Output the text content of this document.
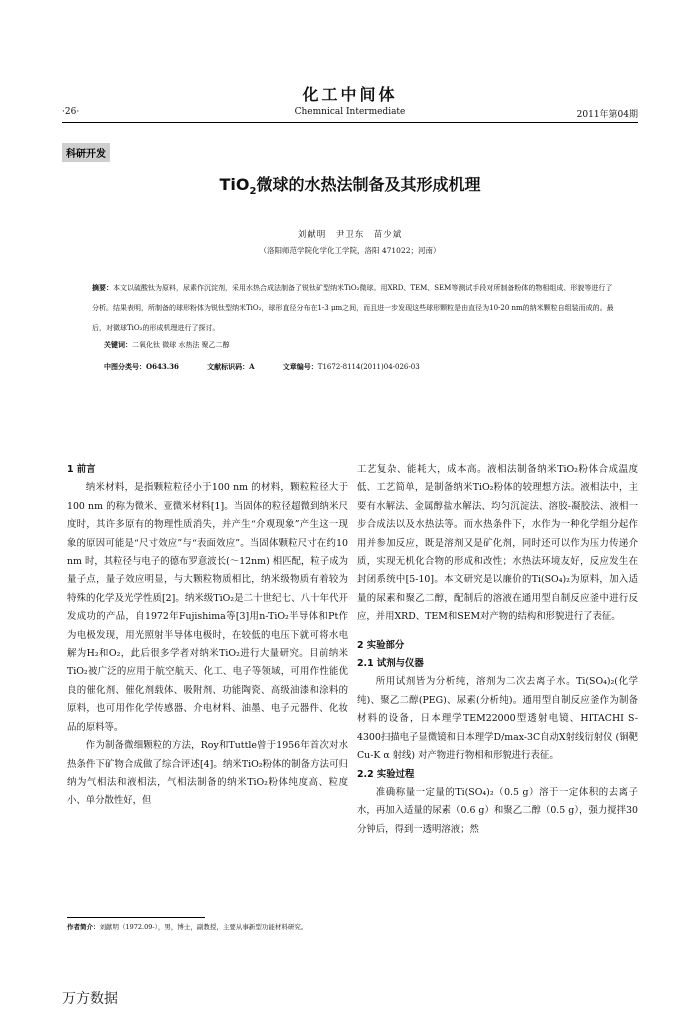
化工中间体
·26·	Chemnical Intermediate	2011年第04期
科研开发
TiO$_2$微球的水热法制备及其形成机理
刘献明　尹卫东　苗少斌
（洛阳师范学院化学化工学院，洛阳 471022；河南）
摘要：本文以硫酸钛为原料，尿素作沉淀剂，采用水热合成法制备了锐钛矿型纳米TiO₂微球。用XRD、TEM、SEM等测试手段对所制备粉体的物相组成、形貌等进行了分析。结果表明，所制备的球形粉体为锐钛型纳米TiO₂，球形直径分布在1-3 μm之间，而且进一步发现这些球形颗粒是由直径为10-20 nm的纳米颗粒自组装而成的。最后，对微球TiO₂的形成机理进行了探讨。
关键词：二氧化钛 微球 水热法 聚乙二醇
中图分类号：O643.36	文献标识码：A	文章编号：T1672-8114(2011)04-026-03

1 前言

纳米材料，是指颗粒粒径小于100 nm 的材料，颗粒粒径大于100 nm 的称为微米、亚微米材料[1]。当固体的粒径超微到纳米尺度时，其许多原有的物理性质消失，并产生“介观现象”产生这一现象的原因可能是“尺寸效应”与“表面效应”。当固体颗粒尺寸在约10 nm 时，其粒径与电子的德布罗意波长(～12nm) 相匹配，粒子成为量子点，量子效应明显，与大颗粒物质相比，纳米级物质有着较为特殊的化学及光学性质[2]。纳米级TiO₂是二十世纪七、八十年代开发成功的产品，自1972年Fujishima等[3]用n-TiO₂半导体和Pt作为电极发现，用光照射半导体电极时，在较低的电压下就可将水电解为H₂和O₂，此后很多学者对纳米TiO₂进行大量研究。目前纳米TiO₂被广泛的应用于航空航天、化工、电子等领域，可用作性能优良的催化剂、催化剂载体、吸附剂、功能陶瓷、高级油漆和涂料的原料，也可用作化学传感器、介电材料、油墨、电子元器件、化妆品的原料等。

作为制备微细颗粒的方法，Roy和Tuttle曾于1956年首次对水热条件下矿物合成做了综合评述[4]。纳米TiO₂粉体的制备方法可归纳为气相法和液相法，气相法制备的纳米TiO₂粉体纯度高、粒度小、单分散性好，但

工艺复杂、能耗大，成本高。液相法制备纳米TiO₂粉体合成温度低、工艺简单，是制备纳米TiO₂粉体的较理想方法。液相法中，主要有水解法、金属醇盐水解法、均匀沉淀法、溶胶-凝胶法、液相一步合成法以及水热法等。而水热条件下，水作为一种化学组分起作用并参加反应，既是溶剂又是矿化剂，同时还可以作为压力传递介质，实现无机化合物的形成和改性；水热法环境友好，反应发生在封闭系统中[5-10]。本文研究是以廉价的Ti(SO₄)₂为原料，加入适量的尿素和聚乙二醇，配制后的溶液在通用型自制反应釜中进行反应，并用XRD、TEM和SEM对产物的结构和形貌进行了表征。

2 实验部分

2.1 试剂与仪器

所用试剂皆为分析纯，溶剂为二次去离子水。Ti(SO₄)₂(化学纯)、聚乙二醇(PEG)、尿素(分析纯)。通用型自制反应釜作为制备材料的设备，日本理学TEM22000型透射电镜、HITACHI S-4300扫描电子显微镜和日本理学D/max-3C自动X射线衍射仪 (铜靶Cu-K α 射线) 对产物进行物相和形貌进行表征。

2.2 实验过程

准确称量一定量的Ti(SO₄)₂（0.5 g）溶于一定体积的去离子水，再加入适量的尿素（0.6 g）和聚乙二醇（0.5 g），强力搅拌30分钟后，得到一透明溶液；然

作者简介：刘献明（1972.09-），男，博士，副教授，主要从事新型功能材料研究。
万方数据
